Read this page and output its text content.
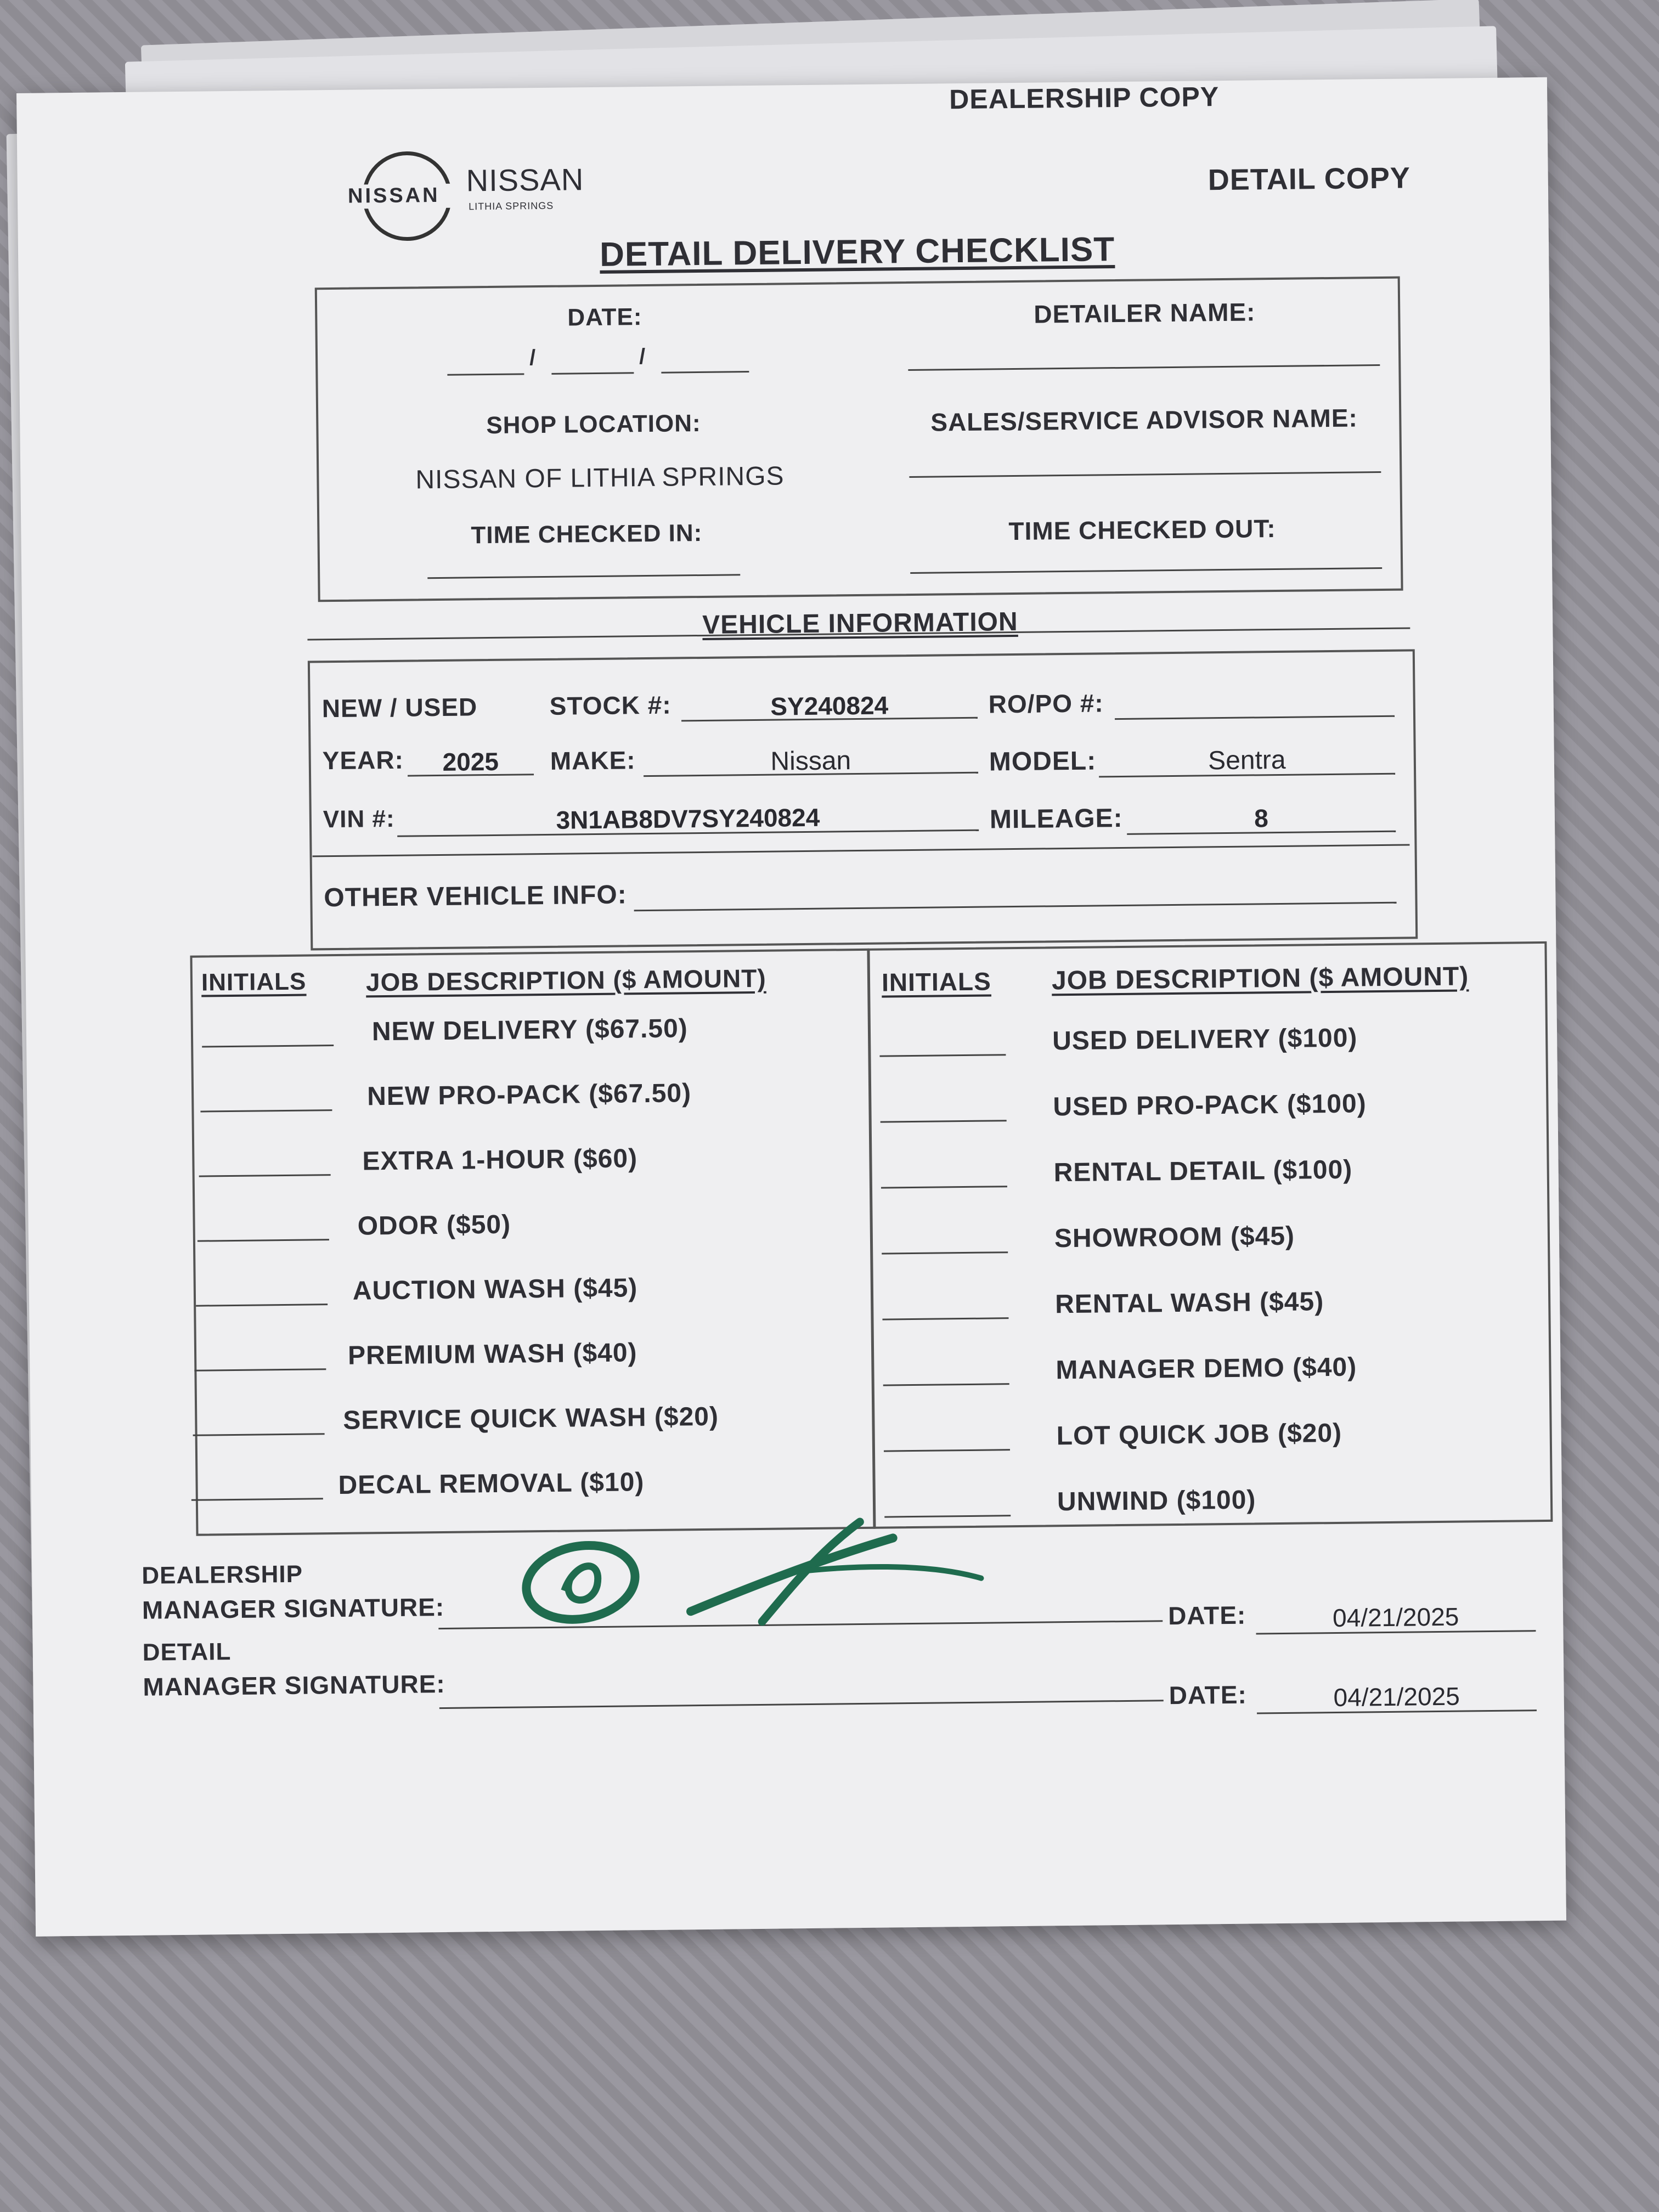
DEALERSHIP COPY
NISSAN NISSAN
LITHIA SPRINGS
DETAIL COPY
DETAIL DELIVERY CHECKLIST
DATE:	DETAILER NAME:
/	/
SHOP LOCATION:	SALES/SERVICE ADVISOR NAME:
NISSAN OF LITHIA SPRINGS
TIME CHECKED IN:	TIME CHECKED OUT:
VEHICLE INFORMATION
NEW / USED	STOCK #:	SY240824	RO/PO #:
YEAR:	2025	MAKE:	Nissan	MODEL:	Sentra
VIN #:	3N1AB8DV7SY240824	MILEAGE:	8
OTHER VEHICLE INFO:
INITIALS JOB DESCRIPTION ($ AMOUNT)	INITIALS JOB DESCRIPTION ($ AMOUNT)
NEW DELIVERY ($67.50)
NEW PRO-PACK ($67.50)
EXTRA 1-HOUR ($60)
ODOR ($50)
AUCTION WASH ($45)
PREMIUM WASH ($40)
SERVICE QUICK WASH ($20)
DECAL REMOVAL ($10)
USED DELIVERY ($100)
USED PRO-PACK ($100)
RENTAL DETAIL ($100)
SHOWROOM ($45)
RENTAL WASH ($45)
MANAGER DEMO ($40)
LOT QUICK JOB ($20)
UNWIND ($100)
DEALERSHIP
MANAGER SIGNATURE:	DATE:	04/21/2025
DETAIL
MANAGER SIGNATURE:	DATE:	04/21/2025
